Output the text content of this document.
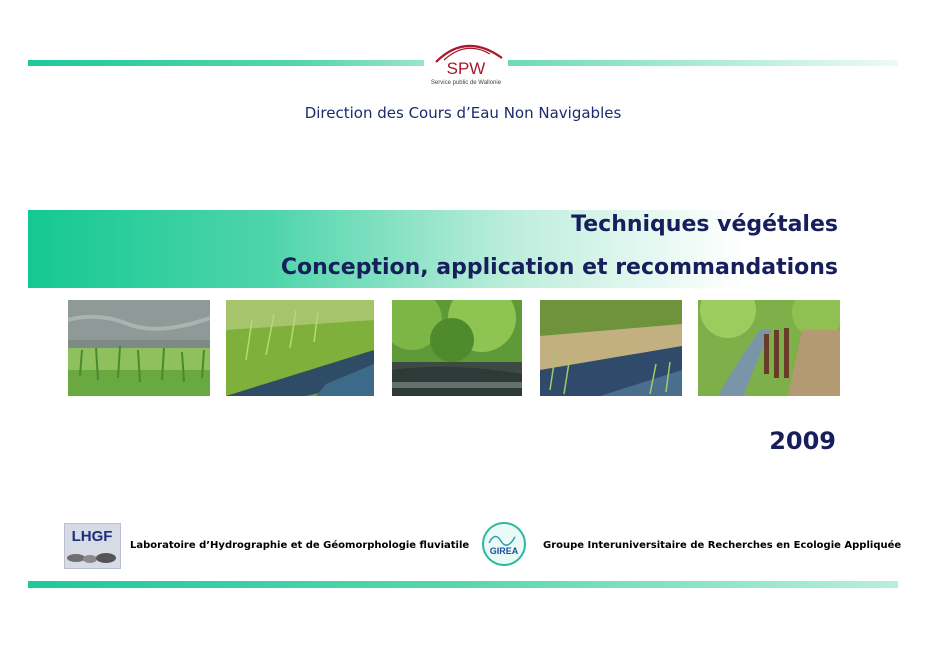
SPW
Service public de Wallonie
Direction des Cours d’Eau Non Navigables
Techniques végétales
Conception, application et recommandations
2009
LHGF
Laboratoire d’Hydrographie et de Géomorphologie fluviatile GIREA Groupe Interuniversitaire de Recherches en Ecologie Appliquée
